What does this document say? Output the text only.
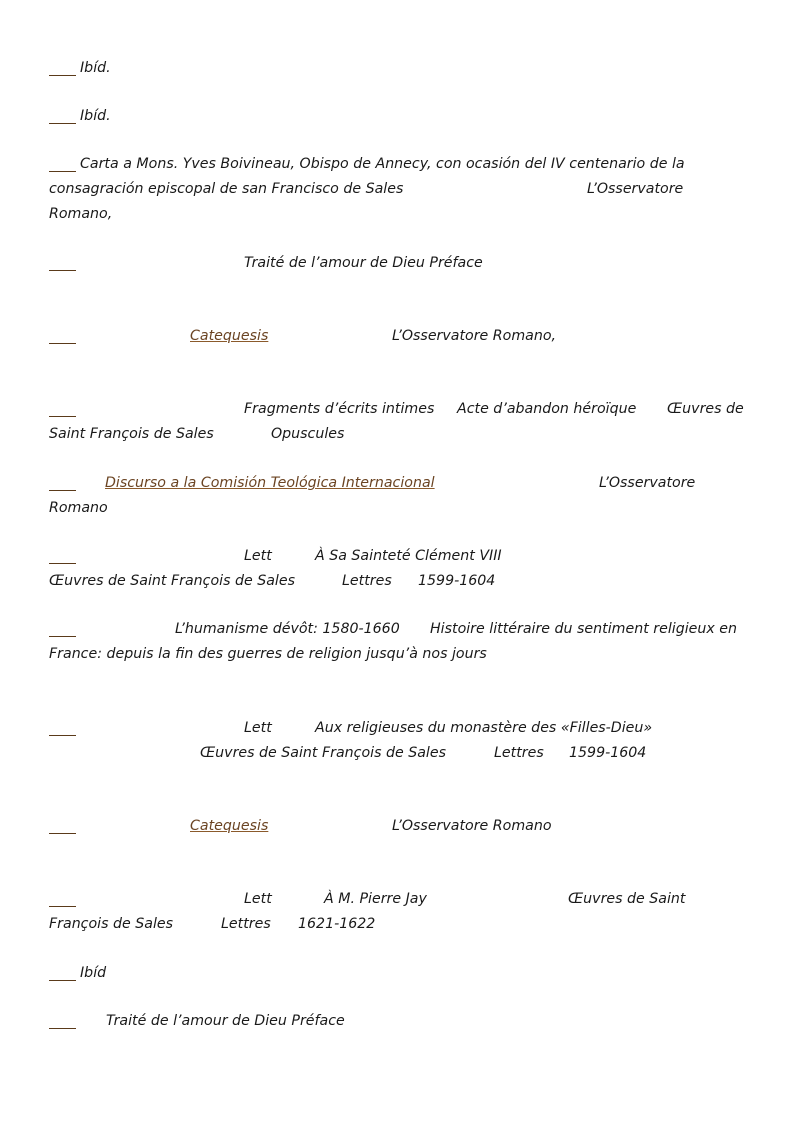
Ibíd.
Ibíd.
Carta a Mons. Yves Boivineau, Obispo de Annecy, con ocasión del IV centenario de la
consagración episcopal de san Francisco de Sales	L’Osservatore
Romano,
Traité de l’amour de Dieu Préface
Catequesis	L’Osservatore Romano,
Fragments d’écrits intimes Acte d’abandon héroïque Œuvres de
Saint François de Sales	Opuscules
Discurso a la Comisión Teológica Internacional	L’Osservatore
Romano
Lett	À Sa Sainteté Clément VIII
Œuvres de Saint François de Sales	Lettres 1599-1604
L’humanisme dévôt: 1580-1660 Histoire littéraire du sentiment religieux en
France: depuis la fin des guerres de religion jusqu’à nos jours
Lett	Aux religieuses du monastère des «Filles-Dieu»
Œuvres de Saint François de Sales	Lettres 1599-1604
Catequesis	L’Osservatore Romano
Lett	À M. Pierre Jay	Œuvres de Saint
François de Sales	Lettres 1621-1622
Ibíd
Traité de l’amour de Dieu Préface
